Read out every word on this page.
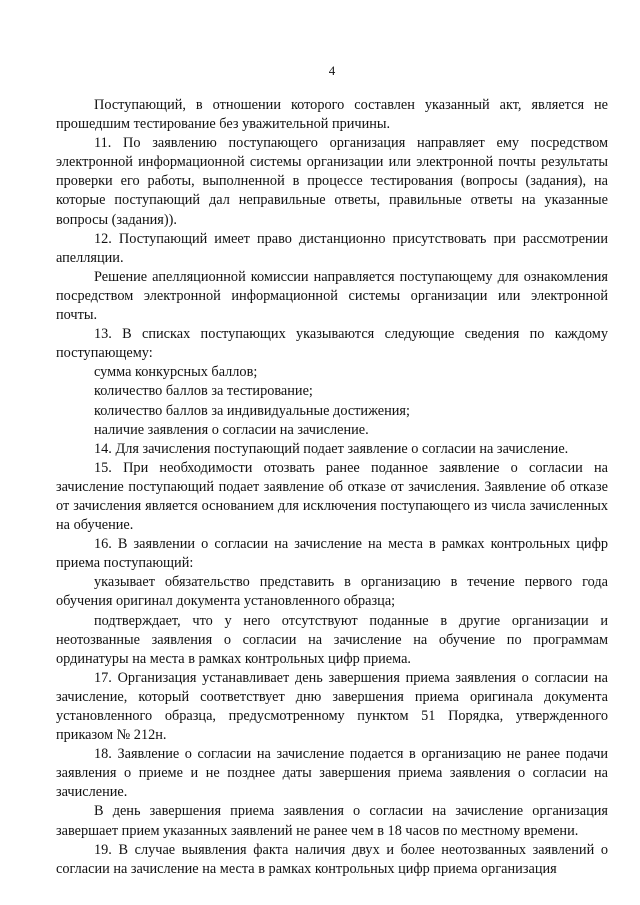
4

Поступающий, в отношении которого составлен указанный акт, является не прошедшим тестирование без уважительной причины.

11. По заявлению поступающего организация направляет ему посредством электронной информационной системы организации или электронной почты результаты проверки его работы, выполненной в процессе тестирования (вопросы (задания), на которые поступающий дал неправильные ответы, правильные ответы на указанные вопросы (задания)).

12. Поступающий имеет право дистанционно присутствовать при рассмотрении апелляции.

Решение апелляционной комиссии направляется поступающему для ознакомления посредством электронной информационной системы организации или электронной почты.

13. В списках поступающих указываются следующие сведения по каждому поступающему:

сумма конкурсных баллов;

количество баллов за тестирование;

количество баллов за индивидуальные достижения;

наличие заявления о согласии на зачисление.

14. Для зачисления поступающий подает заявление о согласии на зачисление.

15. При необходимости отозвать ранее поданное заявление о согласии на зачисление поступающий подает заявление об отказе от зачисления. Заявление об отказе от зачисления является основанием для исключения поступающего из числа зачисленных на обучение.

16. В заявлении о согласии на зачисление на места в рамках контрольных цифр приема поступающий:

указывает обязательство представить в организацию в течение первого года обучения оригинал документа установленного образца;

подтверждает, что у него отсутствуют поданные в другие организации и неотозванные заявления о согласии на зачисление на обучение по программам ординатуры на места в рамках контрольных цифр приема.

17. Организация устанавливает день завершения приема заявления о согласии на зачисление, который соответствует дню завершения приема оригинала документа установленного образца, предусмотренному пунктом 51 Порядка, утвержденного приказом № 212н.

18. Заявление о согласии на зачисление подается в организацию не ранее подачи заявления о приеме и не позднее даты завершения приема заявления о согласии на зачисление.

В день завершения приема заявления о согласии на зачисление организация завершает прием указанных заявлений не ранее чем в 18 часов по местному времени.

19. В случае выявления факта наличия двух и более неотозванных заявлений о согласии на зачисление на места в рамках контрольных цифр приема организация
